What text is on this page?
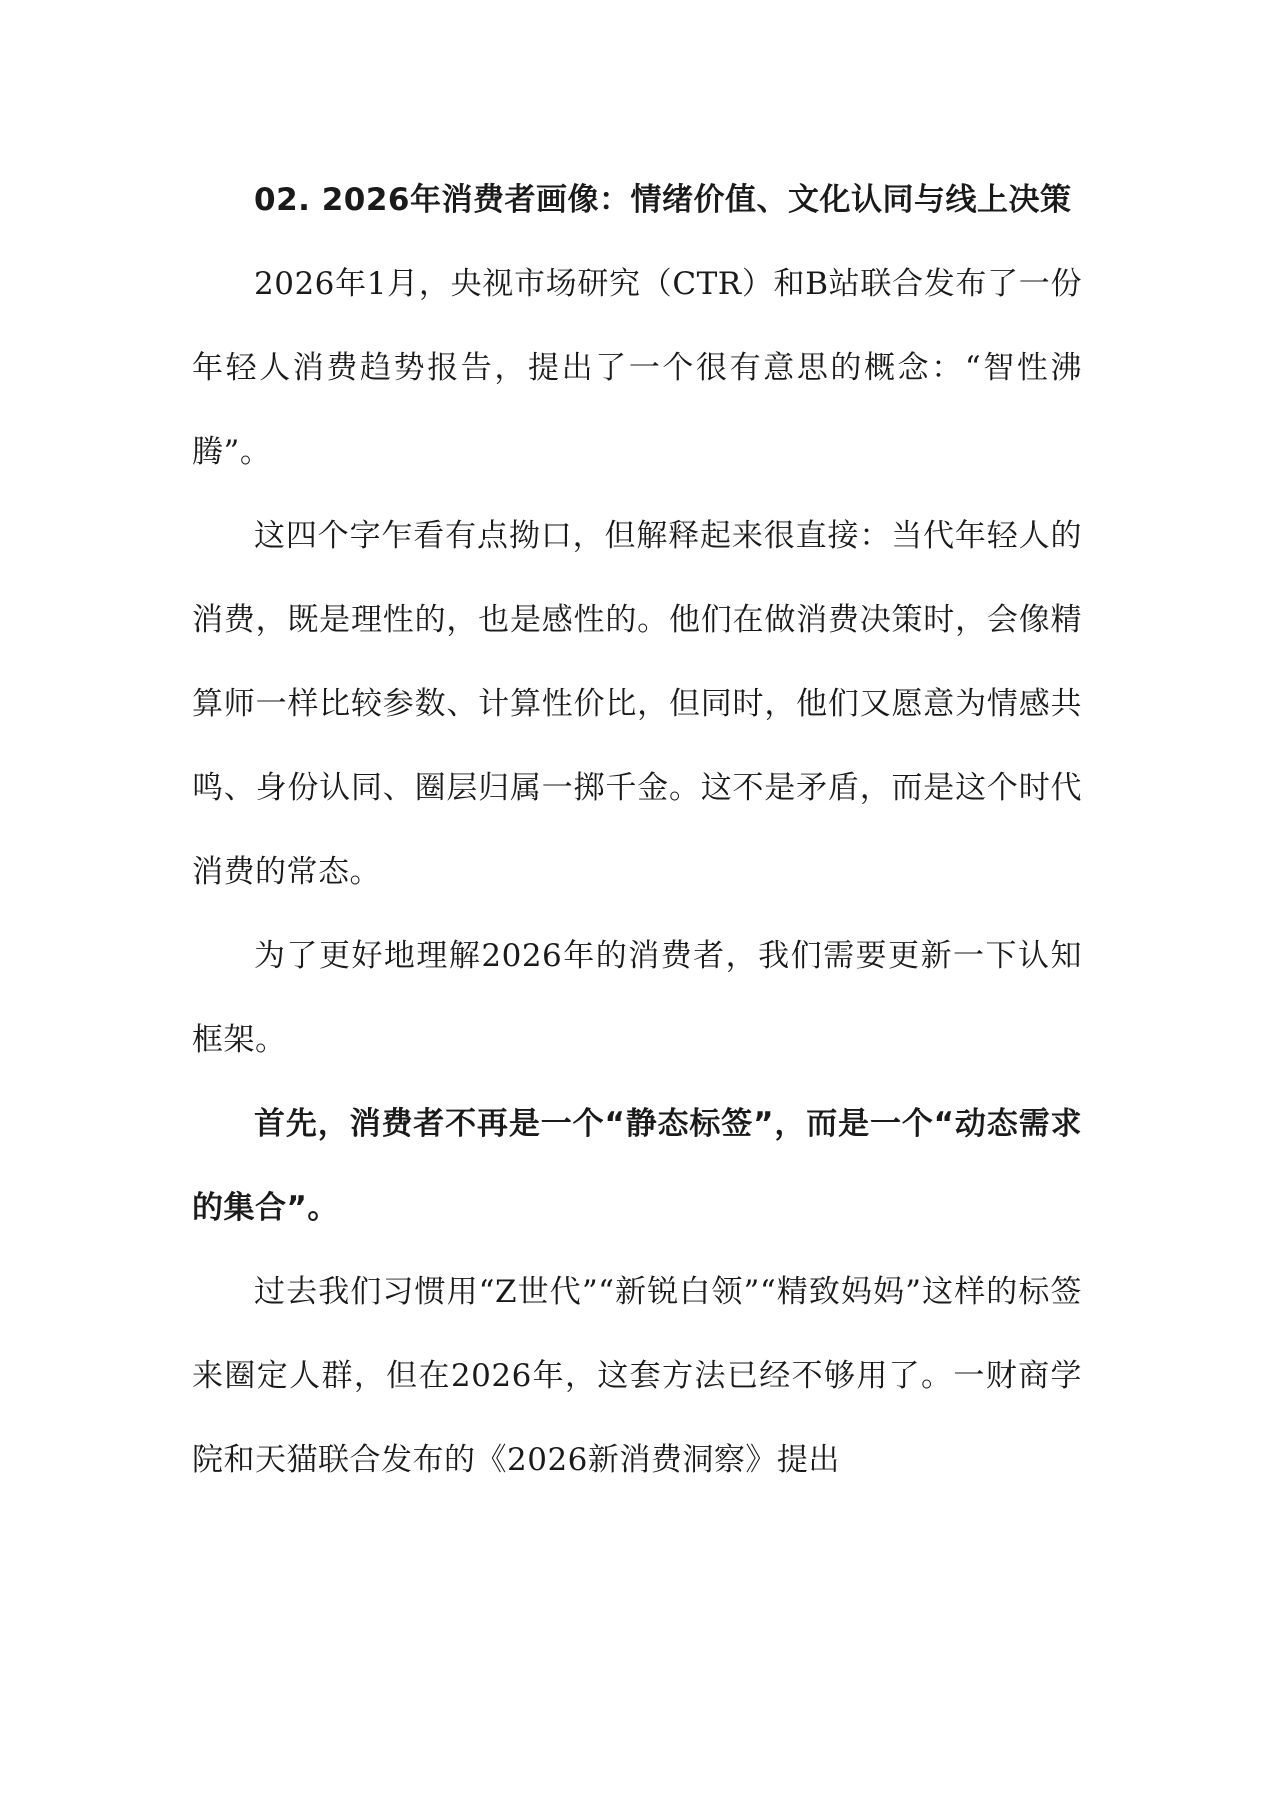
02. 2026年消费者画像：情绪价值、文化认同与线上决策

2026年1月，央视市场研究（CTR）和B站联合发布了一份年轻人消费趋势报告，提出了一个很有意思的概念：“智性沸腾”。

这四个字乍看有点拗口，但解释起来很直接：当代年轻人的消费，既是理性的，也是感性的。他们在做消费决策时，会像精算师一样比较参数、计算性价比，但同时，他们又愿意为情感共鸣、身份认同、圈层归属一掷千金。这不是矛盾，而是这个时代消费的常态。

为了更好地理解2026年的消费者，我们需要更新一下认知框架。

首先，消费者不再是一个“静态标签”，而是一个“动态需求的集合”。

过去我们习惯用“Z世代”“新锐白领”“精致妈妈”这样的标签来圈定人群，但在2026年，这套方法已经不够用了。一财商学院和天猫联合发布的《2026新消费洞察》提出
